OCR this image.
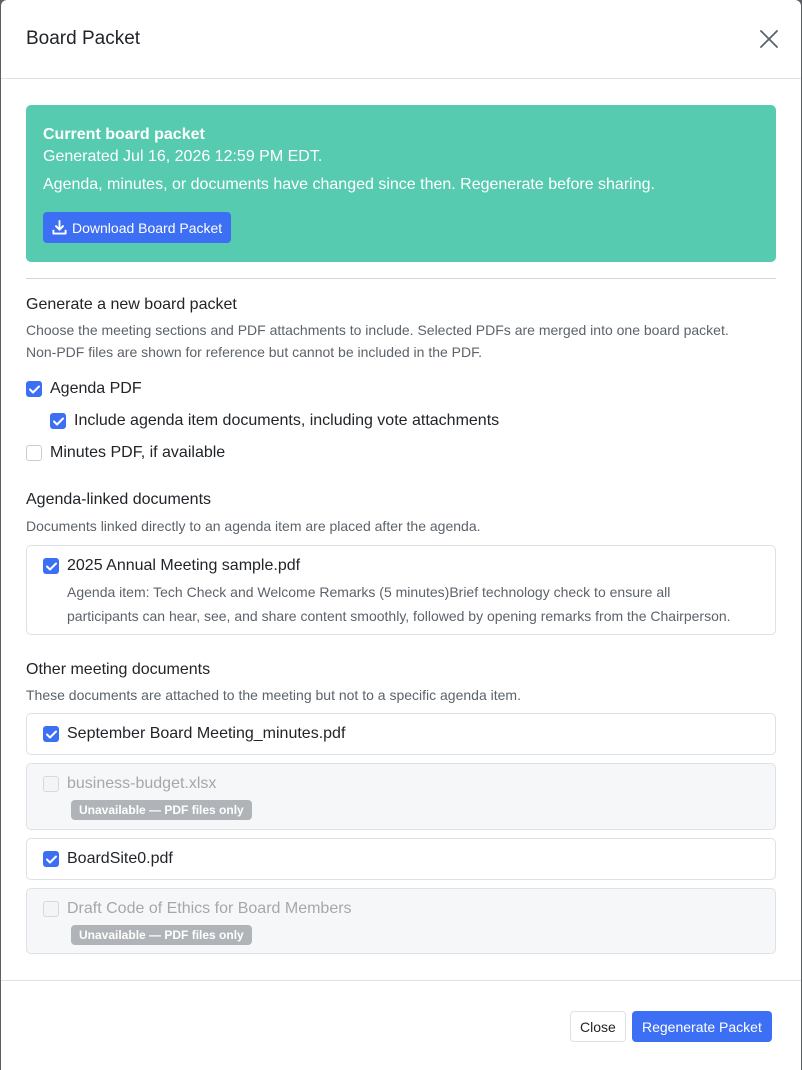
Board Packet
Current board packet
Generated Jul 16, 2026 12:59 PM EDT.
Agenda, minutes, or documents have changed since then. Regenerate before sharing.
Download Board Packet
Generate a new board packet
Choose the meeting sections and PDF attachments to include. Selected PDFs are merged into one board packet.
Non-PDF files are shown for reference but cannot be included in the PDF.
Agenda PDF
Include agenda item documents, including vote attachments
Minutes PDF, if available
Agenda-linked documents
Documents linked directly to an agenda item are placed after the agenda.
2025 Annual Meeting sample.pdf
Agenda item: Tech Check and Welcome Remarks (5 minutes)Brief technology check to ensure all
participants can hear, see, and share content smoothly, followed by opening remarks from the Chairperson.
Other meeting documents
These documents are attached to the meeting but not to a specific agenda item.
September Board Meeting_minutes.pdf
business-budget.xlsx
Unavailable — PDF files only
BoardSite0.pdf
Draft Code of Ethics for Board Members
Unavailable — PDF files only
Close	Regenerate Packet
